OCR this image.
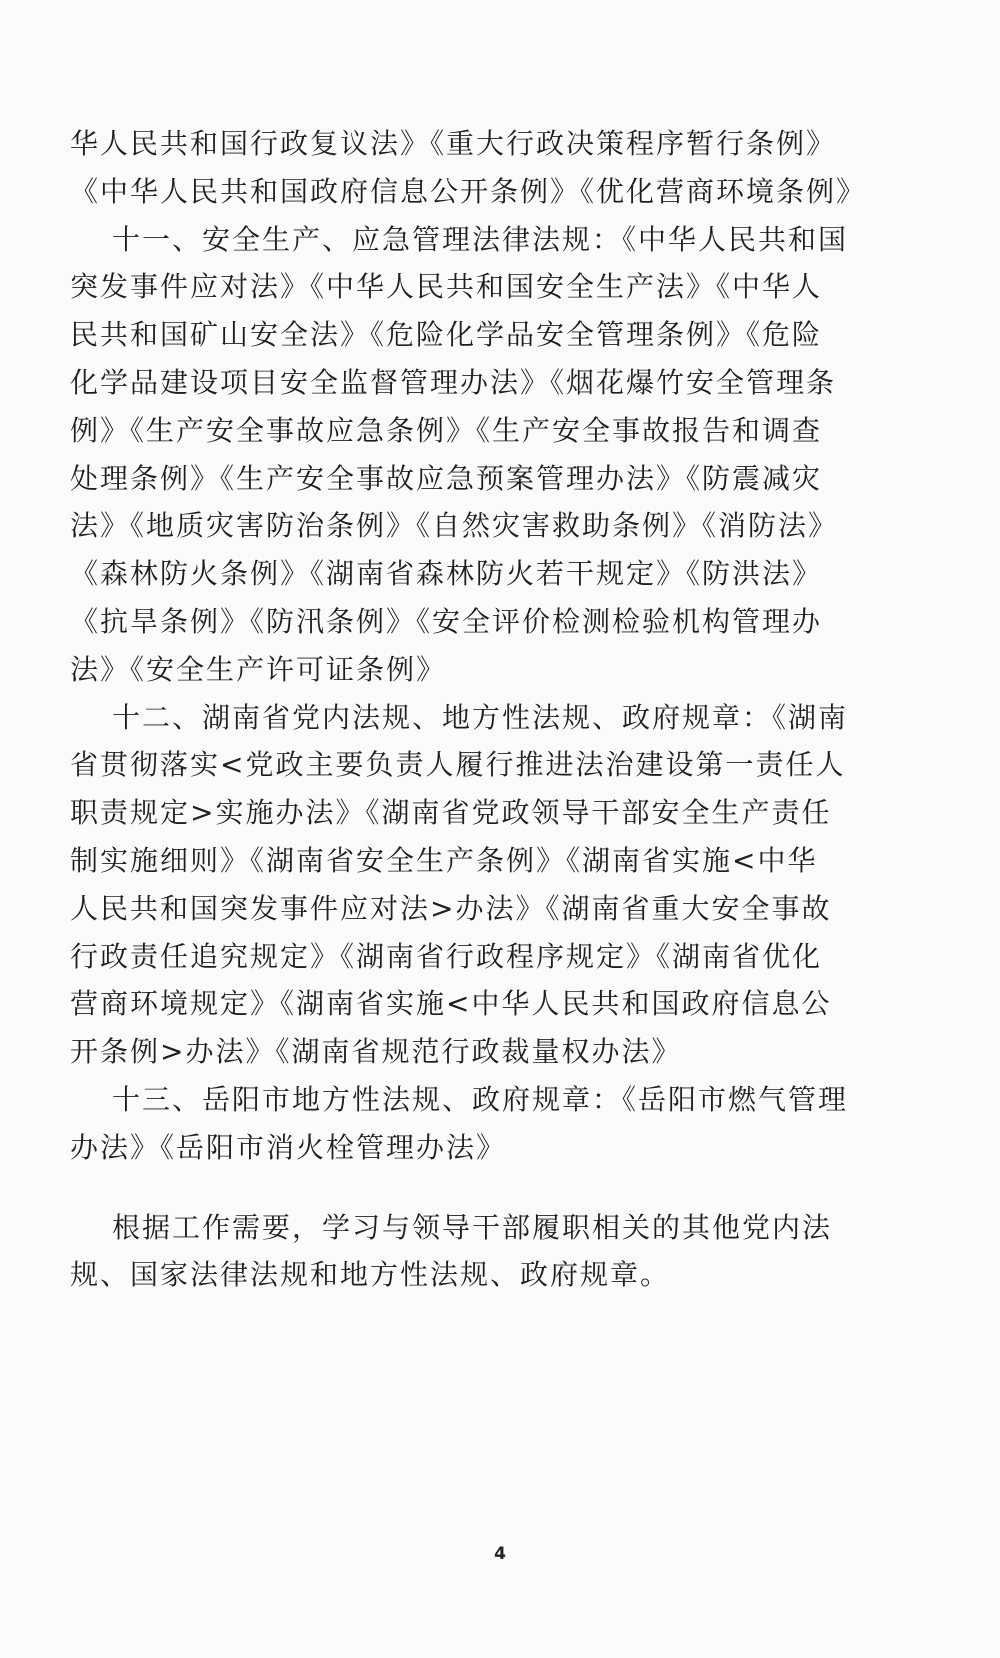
华人民共和国行政复议法》《重大行政决策程序暂行条例》
《中华人民共和国政府信息公开条例》《优化营商环境条例》
十一、安全生产、应急管理法律法规：《中华人民共和国
突发事件应对法》《中华人民共和国安全生产法》《中华人
民共和国矿山安全法》《危险化学品安全管理条例》《危险
化学品建设项目安全监督管理办法》《烟花爆竹安全管理条
例》《生产安全事故应急条例》《生产安全事故报告和调查
处理条例》《生产安全事故应急预案管理办法》《防震减灾
法》《地质灾害防治条例》《自然灾害救助条例》《消防法》
《森林防火条例》《湖南省森林防火若干规定》《防洪法》
《抗旱条例》《防汛条例》《安全评价检测检验机构管理办
法》《安全生产许可证条例》
十二、湖南省党内法规、地方性法规、政府规章：《湖南
省贯彻落实<党政主要负责人履行推进法治建设第一责任人
职责规定>实施办法》《湖南省党政领导干部安全生产责任
制实施细则》《湖南省安全生产条例》《湖南省实施<中华
人民共和国突发事件应对法>办法》《湖南省重大安全事故
行政责任追究规定》《湖南省行政程序规定》《湖南省优化
营商环境规定》《湖南省实施<中华人民共和国政府信息公
开条例>办法》《湖南省规范行政裁量权办法》
十三、岳阳市地方性法规、政府规章：《岳阳市燃气管理
办法》《岳阳市消火栓管理办法》
根据工作需要，学习与领导干部履职相关的其他党内法
规、国家法律法规和地方性法规、政府规章。
4
